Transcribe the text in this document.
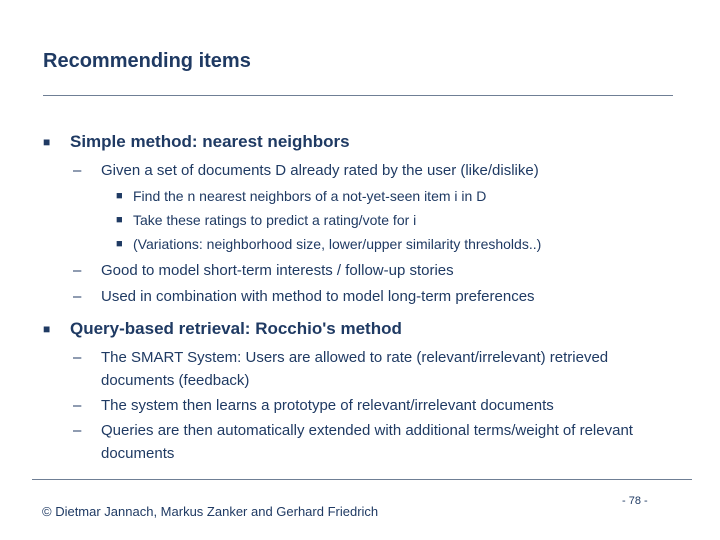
Recommending items
■ Simple method: nearest neighbors
– Given a set of documents D already rated by the user (like/dislike)
■ Find the n nearest neighbors of a not-yet-seen item i in D
■ Take these ratings to predict a rating/vote for i
■ (Variations: neighborhood size, lower/upper similarity thresholds..)
– Good to model short-term interests / follow-up stories
– Used in combination with method to model long-term preferences
■ Query-based retrieval: Rocchio's method
– The SMART System: Users are allowed to rate (relevant/irrelevant) retrieved documents (feedback)
– The system then learns a prototype of relevant/irrelevant documents
– Queries are then automatically extended with additional terms/weight of relevant documents
© Dietmar Jannach, Markus Zanker and Gerhard Friedrich
- 78 -
